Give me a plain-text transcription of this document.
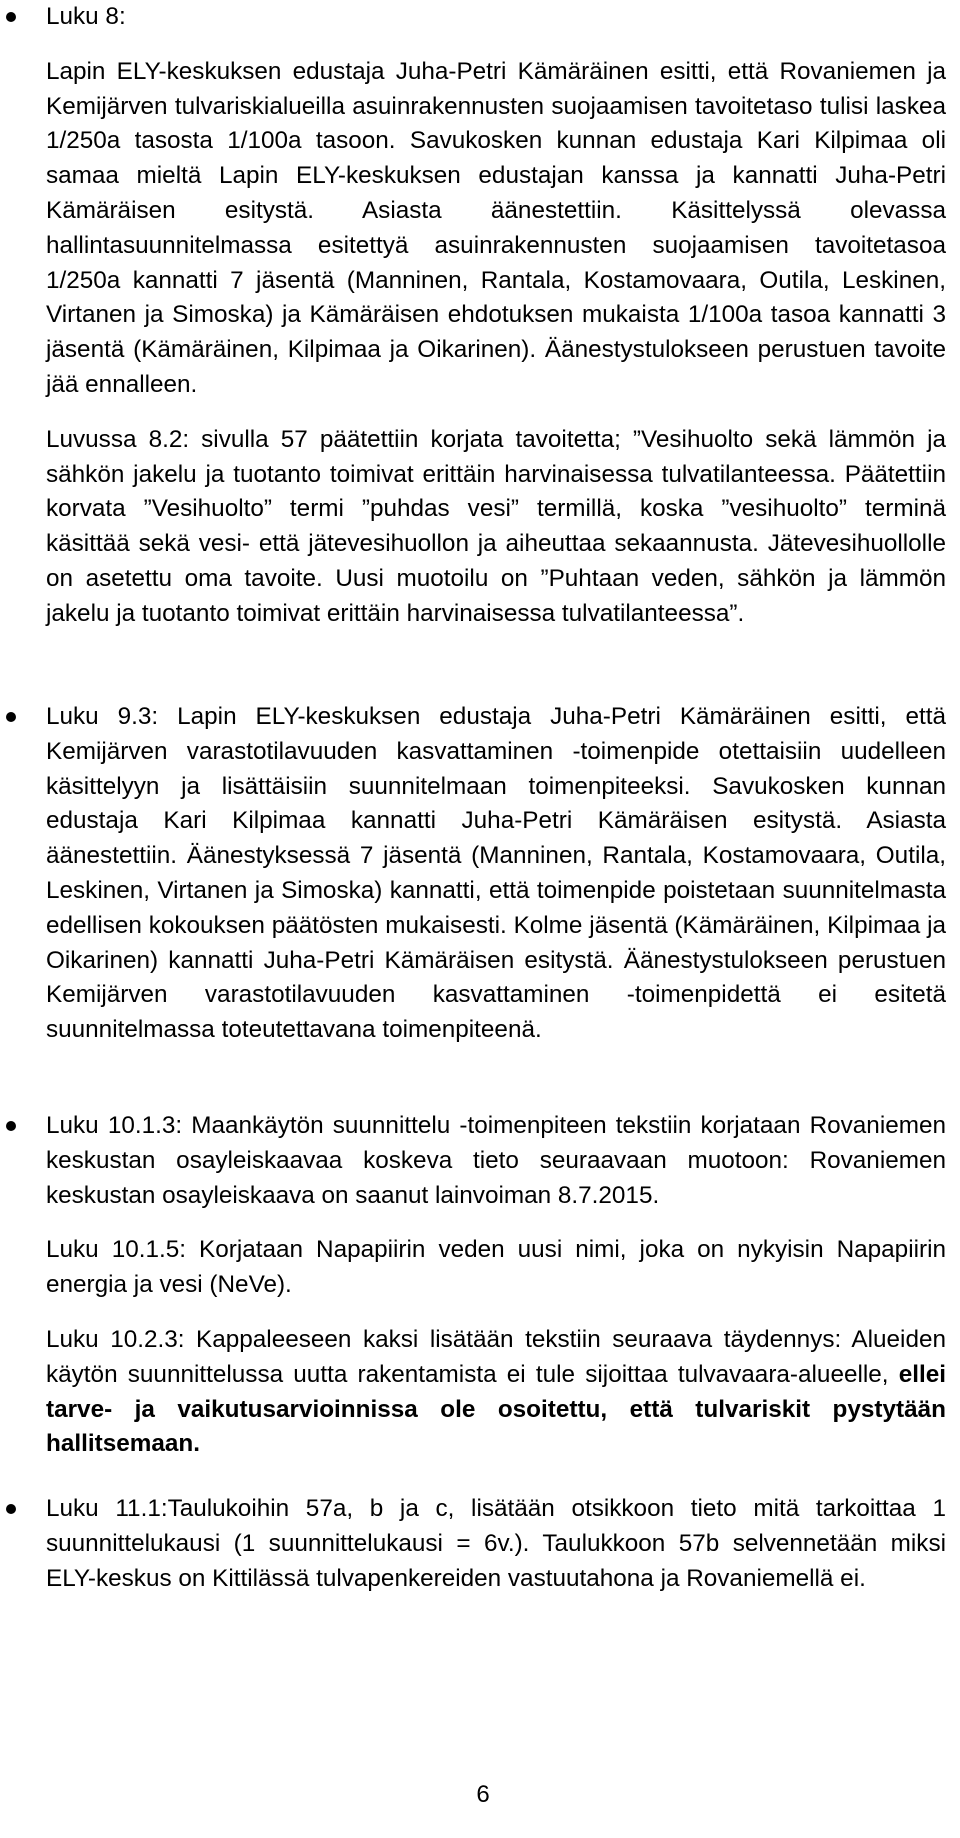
Luku 8:

Lapin ELY-keskuksen edustaja Juha-Petri Kämäräinen esitti, että Rovaniemen ja Kemijärven tulvariskialueilla asuinrakennusten suojaamisen tavoitetaso tulisi laskea 1/250a tasosta 1/100a tasoon. Savukosken kunnan edustaja Kari Kilpimaa oli samaa mieltä Lapin ELY-keskuksen edustajan kanssa ja kannatti Juha-Petri Kämäräisen esitystä. Asiasta äänestettiin. Käsittelyssä olevassa hallintasuunnitelmassa esitettyä asuinrakennusten suojaamisen tavoitetasoa 1/250a kannatti 7 jäsentä (Manninen, Rantala, Kostamovaara, Outila, Leskinen, Virtanen ja Simoska) ja Kämäräisen ehdotuksen mukaista 1/100a tasoa kannatti 3 jäsentä (Kämäräinen, Kilpimaa ja Oikarinen). Äänestystulokseen perustuen tavoite jää ennalleen.

Luvussa 8.2: sivulla 57 päätettiin korjata tavoitetta; ”Vesihuolto sekä lämmön ja sähkön jakelu ja tuotanto toimivat erittäin harvinaisessa tulvatilanteessa. Päätettiin korvata ”Vesihuolto” termi ”puhdas vesi” termillä, koska ”vesihuolto” terminä käsittää sekä vesi- että jätevesihuollon ja aiheuttaa sekaannusta. Jätevesihuollolle on asetettu oma tavoite. Uusi muotoilu on ”Puhtaan veden, sähkön ja lämmön jakelu ja tuotanto toimivat erittäin harvinaisessa tulvatilanteessa”.

Luku 9.3: Lapin ELY-keskuksen edustaja Juha-Petri Kämäräinen esitti, että Kemijärven varastotilavuuden kasvattaminen -toimenpide otettaisiin uudelleen käsittelyyn ja lisättäisiin suunnitelmaan toimenpiteeksi. Savukosken kunnan edustaja Kari Kilpimaa kannatti Juha-Petri Kämäräisen esitystä. Asiasta äänestettiin. Äänestyksessä 7 jäsentä (Manninen, Rantala, Kostamovaara, Outila, Leskinen, Virtanen ja Simoska) kannatti, että toimenpide poistetaan suunnitelmasta edellisen kokouksen päätösten mukaisesti. Kolme jäsentä (Kämäräinen, Kilpimaa ja Oikarinen) kannatti Juha-Petri Kämäräisen esitystä. Äänestystulokseen perustuen Kemijärven varastotilavuuden kasvattaminen -toimenpidettä ei esitetä suunnitelmassa toteutettavana toimenpiteenä.

Luku 10.1.3: Maankäytön suunnittelu -toimenpiteen tekstiin korjataan Rovaniemen keskustan osayleiskaavaa koskeva tieto seuraavaan muotoon: Rovaniemen keskustan osayleiskaava on saanut lainvoiman 8.7.2015.

Luku 10.1.5: Korjataan Napapiirin veden uusi nimi, joka on nykyisin Napapiirin energia ja vesi (NeVe).

Luku 10.2.3: Kappaleeseen kaksi lisätään tekstiin seuraava täydennys: Alueiden käytön suunnittelussa uutta rakentamista ei tule sijoittaa tulvavaara-alueelle, ellei tarve- ja vaikutusarvioinnissa ole osoitettu, että tulvariskit pystytään hallitsemaan.

Luku 11.1:Taulukoihin 57a, b ja c, lisätään otsikkoon tieto mitä tarkoittaa 1 suunnittelukausi (1 suunnittelukausi = 6v.). Taulukkoon 57b selvennetään miksi ELY-keskus on Kittilässä tulvapenkereiden vastuutahona ja Rovaniemellä ei.

6
